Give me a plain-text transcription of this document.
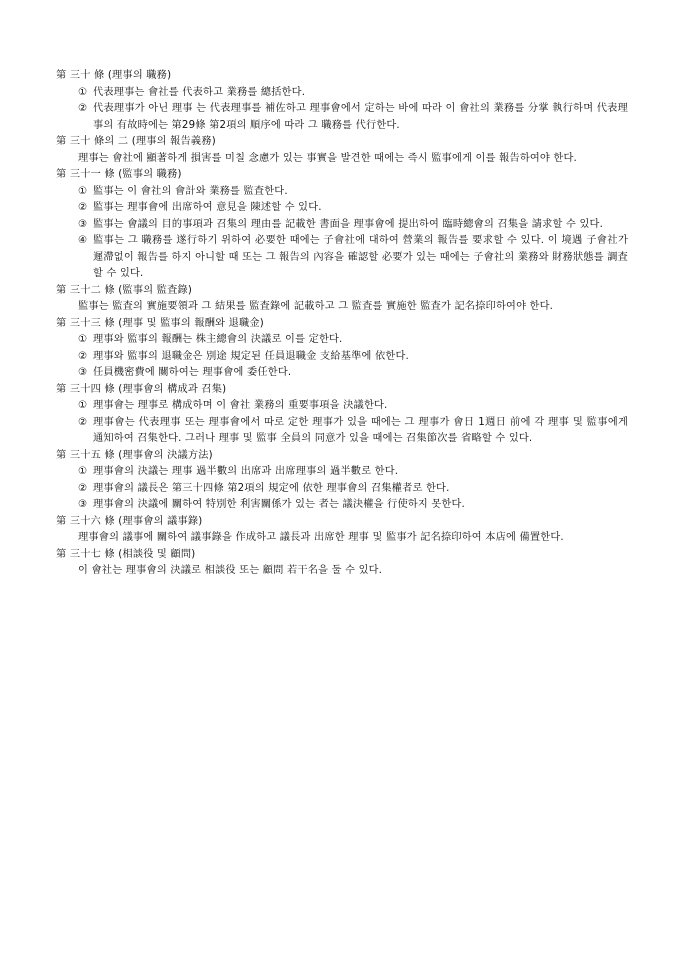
第 三十 條 (理事의 職務)

① 代表理事는 會社를 代表하고 業務를 總括한다.
② 代表理事가 아닌 理事 는 代表理事를 補佐하고 理事會에서 定하는 바에 따라 이 會社의 業務를 分掌 執行하며 代表理事의 有故時에는 第29條 第2項의 順序에 따라 그 職務를 代行한다.

第 三十 條의 二 (理事의 報告義務)

理事는 會社에 顯著하게 損害를 미칠 念慮가 있는 事實을 발견한 때에는 즉시 監事에게 이를 報告하여야 한다.

第 三十一 條 (監事의 職務)

① 監事는 이 會社의 會計와 業務를 監査한다.
② 監事는 理事會에 出席하여 意見을 陳述할 수 있다.
③ 監事는 會議의 目的事項과 召集의 理由를 記載한 書面을 理事會에 提出하여 臨時總會의 召集을 請求할 수 있다.
④ 監事는 그 職務를 遂行하기 위하여 必要한 때에는 子會社에 대하여 營業의 報告를 要求할 수 있다. 이 境遇 子會社가 遲滯없이 報告를 하지 아니할 때 또는 그 報告의 內容을 確認할 必要가 있는 때에는 子會社의 業務와 財務狀態를 調査할 수 있다.

第 三十二 條 (監事의 監査錄)

監事는 監査의 實施要領과 그 結果를 監査錄에 記載하고 그 監査를 實施한 監査가 記名捺印하여야 한다.

第 三十三 條 (理事 및 監事의 報酬와 退職金)

① 理事와 監事의 報酬는 株主總會의 決議로 이를 定한다.
② 理事와 監事의 退職金은 別途 規定된 任員退職金 支給基準에 依한다.
③ 任員機密費에 關하여는 理事會에 委任한다.

第 三十四 條 (理事會의 構成과 召集)

① 理事會는 理事로 構成하며 이 會社 業務의 重要事項을 決議한다.
② 理事會는 代表理事 또는 理事會에서 따로 定한 理事가 있을 때에는 그 理事가 會日 1週日 前에 각 理事 및 監事에게 通知하여 召集한다. 그러나 理事 및 監事 全員의 同意가 있을 때에는 召集節次를 省略할 수 있다.

第 三十五 條 (理事會의 決議方法)

① 理事會의 決議는 理事 過半數의 出席과 出席理事의 過半數로 한다.
② 理事會의 議長은 第三十四條 第2項의 規定에 依한 理事會의 召集權者로 한다.
③ 理事會의 決議에 關하여 特別한 利害關係가 있는 者는 議決權을 行使하지 못한다.

第 三十六 條 (理事會의 議事錄)

理事會의 議事에 關하여 議事錄을 作成하고 議長과 出席한 理事 및 監事가 記名捺印하여 本店에 備置한다.

第 三十七 條 (相談役 및 顧問)

이 會社는 理事會의 決議로 相談役 또는 顧問 若干名을 둘 수 있다.
